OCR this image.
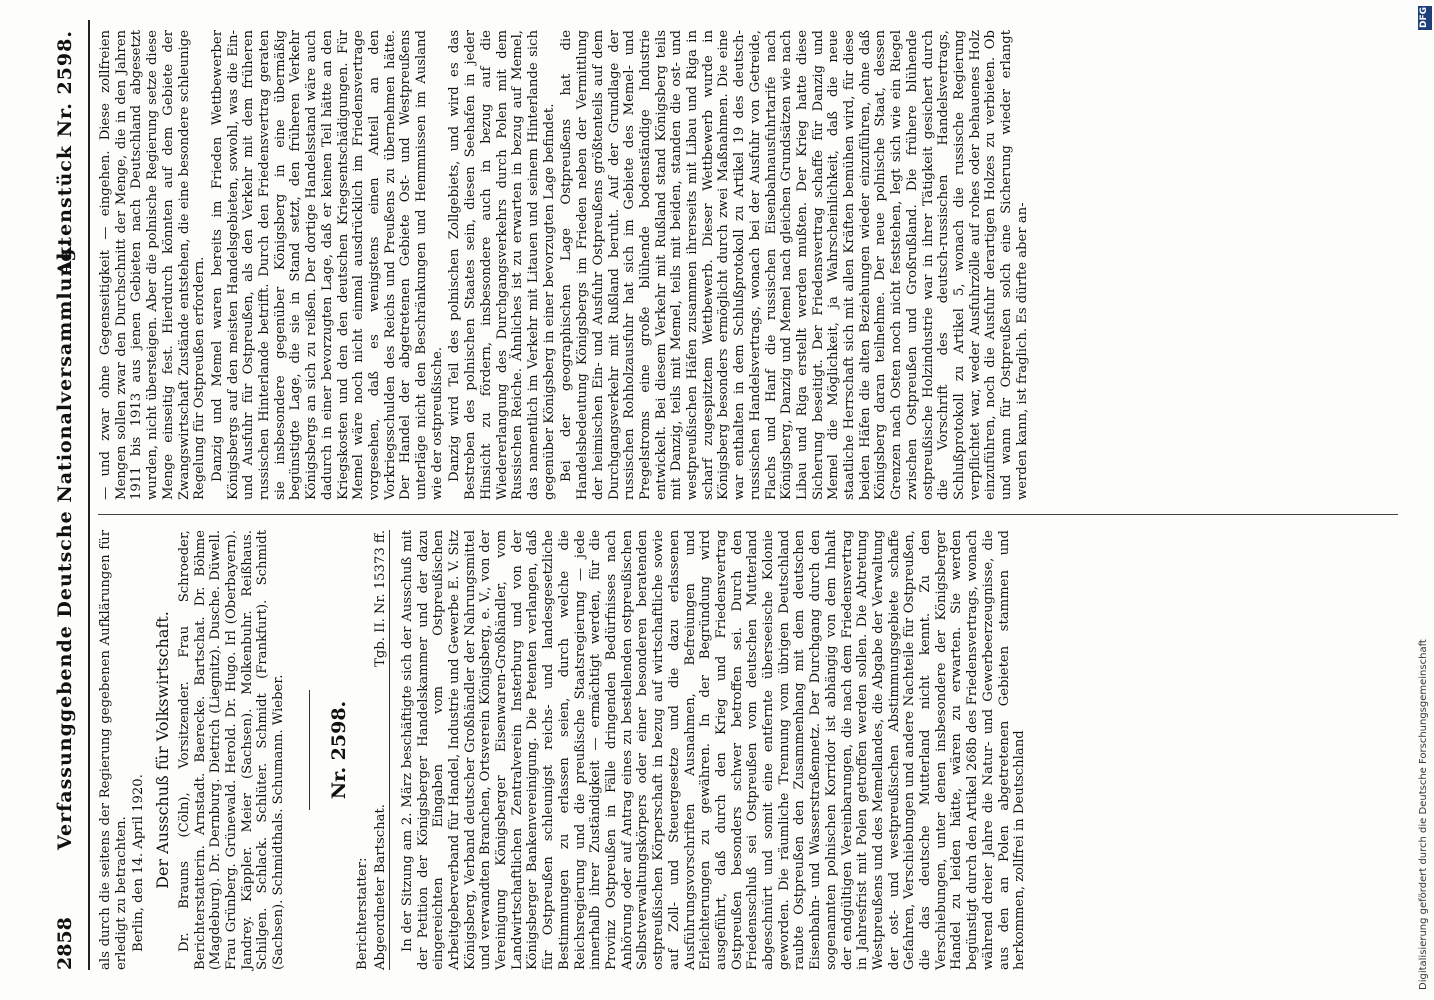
2858
Verfassunggebende Deutsche Nationalversammlung.
Aktenstück Nr. 2598.

als durch die seitens der Regierung gegebenen Aufklärungen für erledigt zu betrachten. Berlin, den 14. April 1920. Der Ausschuß für Volkswirtschaft. Dr. Brauns (Cöln), Vorsitzender. Frau Schroeder, Berichterstatterin. Arnstadt. Baerecke. Bartschat. Dr. Böhme (Magdeburg). Dr. Dernburg. Dietrich (Liegnitz). Dusche. Düwell. Frau Grünberg. Grünewald. Herold. Dr. Hugo. Irl (Oberbayern). Jandrey. Käppler. Meier (Sachsen). Molkenbuhr. Reißhaus. Schilgen. Schlack. Schlüter. Schmidt (Frankfurt). Schmidt (Sachsen). Schmidthals. Schumann. Wieber. Nr. 2598.

Berichterstatter: Abgeordneter Bartschat.
Tgb. II. Nr. 15373 ff. In der Sitzung am 2. März beschäftigte sich der Ausschuß mit der Petition der Königsberger Handelskammer und der dazu eingereichten Eingaben vom Ostpreußischen Arbeitgeberverband für Handel, Industrie und Gewerbe E. V. Sitz Königsberg, Verband deutscher Großhändler der Nahrungsmittel und verwandten Branchen, Ortsverein Königsberg, e. V., von der Vereinigung Königsberger Eisenwaren-Großhändler, vom Landwirtschaftlichen Zentralverein Insterburg und von der Königsberger Bankenvereinigung. Die Petenten verlangen, daß für Ostpreußen schleunigst reichs- und landesgesetzliche Bestimmungen zu erlassen seien, durch welche die Reichsregierung und die preußische Staatsregierung — jede innerhalb ihrer Zuständigkeit — ermächtigt werden, für die Provinz Ostpreußen in Fälle dringenden Bedürfnisses nach Anhörung oder auf Antrag eines zu bestellenden ostpreußischen Selbstverwaltungskörpers oder einer besonderen beratenden ostpreußischen Körperschaft in bezug auf wirtschaftliche sowie auf Zoll- und Steuergesetze und die dazu erlassenen Ausführungsvorschriften Ausnahmen, Befreiungen und Erleichterungen zu gewähren. In der Begründung wird ausgeführt, daß durch den Krieg und Friedensvertrag Ostpreußen besonders schwer betroffen sei. Durch den Friedensschluß sei Ostpreußen vom deutschen Mutterland abgeschnürt und somit eine entfernte überseeische Kolonie geworden. Die räumliche Trennung vom übrigen Deutschland raubte Ostpreußen den Zusammenhang mit dem deutschen Eisenbahn- und Wasserstraßennetz. Der Durchgang durch den sogenannten polnischen Korridor ist abhängig von dem Inhalt der endgültigen Vereinbarungen, die nach dem Friedensvertrag in Jahresfrist mit Polen getroffen werden sollen. Die Abtretung Westpreußens und des Memellandes, die Abgabe der Verwaltung der ost- und westpreußischen Abstimmungsgebiete schaffe Gefahren, Verschiebungen und andere Nachteile für Ostpreußen, die das deutsche Mutterland nicht kennt. Zu den Verschiebungen, unter denen insbesondere der Königsberger Handel zu leiden hätte, wären zu erwarten. Sie werden begünstigt durch den Artikel 268b des Friedensvertrags, wonach während dreier Jahre die Natur- und Gewerbeerzeugnisse, die aus den an Polen abgetretenen Gebieten stammen und herkommen, zollfrei in Deutschland

— und zwar ohne Gegenseitigkeit — eingehen. Diese zollfreien Mengen sollen zwar den Durchschnitt der Menge, die in den Jahren 1911 bis 1913 aus jenen Gebieten nach Deutschland abgesetzt wurden, nicht übersteigen. Aber die polnische Regierung setze diese Menge einseitig fest. Hierdurch könnten auf dem Gebiete der Zwangswirtschaft Zustände entstehen, die eine besondere schleunige Regelung für Ostpreußen erfordern. Danzig und Memel waren bereits im Frieden Wettbewerber Königsbergs auf den meisten Handelsgebieten, sowohl, was die Ein- und Ausfuhr für Ostpreußen, als den Verkehr mit dem früheren russischen Hinterlande betrifft. Durch den Friedensvertrag geraten sie insbesondere gegenüber Königsberg in eine übermäßig begünstigte Lage, die sie in Stand setzt, den früheren Verkehr Königsbergs an sich zu reißen. Der dortige Handelsstand wäre auch dadurch in einer bevorzugten Lage, daß er keinen Teil hätte an den Kriegskosten und den den deutschen Kriegsentschädigungen. Für Memel wäre noch nicht einmal ausdrücklich im Friedensvertrage vorgesehen, daß es wenigstens einen Anteil an den Vorkriegsschulden des Reichs und Preußens zu übernehmen hätte. Der Handel der abgetretenen Gebiete Ost- und Westpreußens unterläge nicht den Beschränkungen und Hemmnissen im Ausland wie der ostpreußische. Danzig wird Teil des polnischen Zollgebiets, und wird es das Bestreben des polnischen Staates sein, diesen Seehafen in jeder Hinsicht zu fördern, insbesondere auch in bezug auf die Wiedererlangung des Durchgangsverkehrs durch Polen mit dem Russischen Reiche. Ähnliches ist zu erwarten in bezug auf Memel, das namentlich im Verkehr mit Litauen und seinem Hinterlande sich gegenüber Königsberg in einer bevorzugten Lage befindet. Bei der geographischen Lage Ostpreußens hat die Handelsbedeutung Königsbergs im Frieden neben der Vermittlung der heimischen Ein- und Ausfuhr Ostpreußens größtenteils auf dem Durchgangsverkehr mit Rußland beruht. Auf der Grundlage der russischen Rohholzausfuhr hat sich im Gebiete des Memel- und Pregelstroms eine große blühende bodenständige Industrie entwickelt. Bei diesem Verkehr mit Rußland stand Königsberg teils mit Danzig, teils mit Memel, teils mit beiden, standen die ost- und westpreußischen Häfen zusammen ihrerseits mit Libau und Riga in scharf zugespitztem Wettbewerb. Dieser Wettbewerb wurde in Königsberg besonders ermöglicht durch zwei Maßnahmen. Die eine war enthalten in dem Schlußprotokoll zu Artikel 19 des deutsch-russischen Handelsvertrags, wonach bei der Ausfuhr von Getreide, Flachs und Hanf die russischen Eisenbahnausfuhrtarife nach Königsberg, Danzig und Memel nach gleichen Grundsätzen wie nach Libau und Riga erstellt werden mußten. Der Krieg hatte diese Sicherung beseitigt. Der Friedensvertrag schaffe für Danzig und Memel die Möglichkeit, ja Wahrscheinlichkeit, daß die neue staatliche Herrschaft sich mit allen Kräften bemühen wird, für diese beiden Häfen die alten Beziehungen wieder einzuführen, ohne daß Königsberg daran teilnehme. Der neue polnische Staat, dessen Grenzen nach Osten noch nicht feststehen, legt sich wie ein Riegel zwischen Ostpreußen und Großrußland. Die frühere blühende ostpreußische Holzindustrie war in ihrer Tätigkeit gesichert durch die Vorschrift des deutsch-russischen Handelsvertrags, Schlußprotokoll zu Artikel 5, wonach die russische Regierung verpflichtet war, weder Ausfuhrzölle auf rohes oder behauenes Holz einzuführen, noch die Ausfuhr derartigen Holzes zu verbieten. Ob und wann für Ostpreußen solch eine Sicherung wieder erlangt werden kann, ist fraglich. Es dürfte aber an-

DFG
Digitalisierung gefördert durch die Deutsche Forschungsgemeinschaft
